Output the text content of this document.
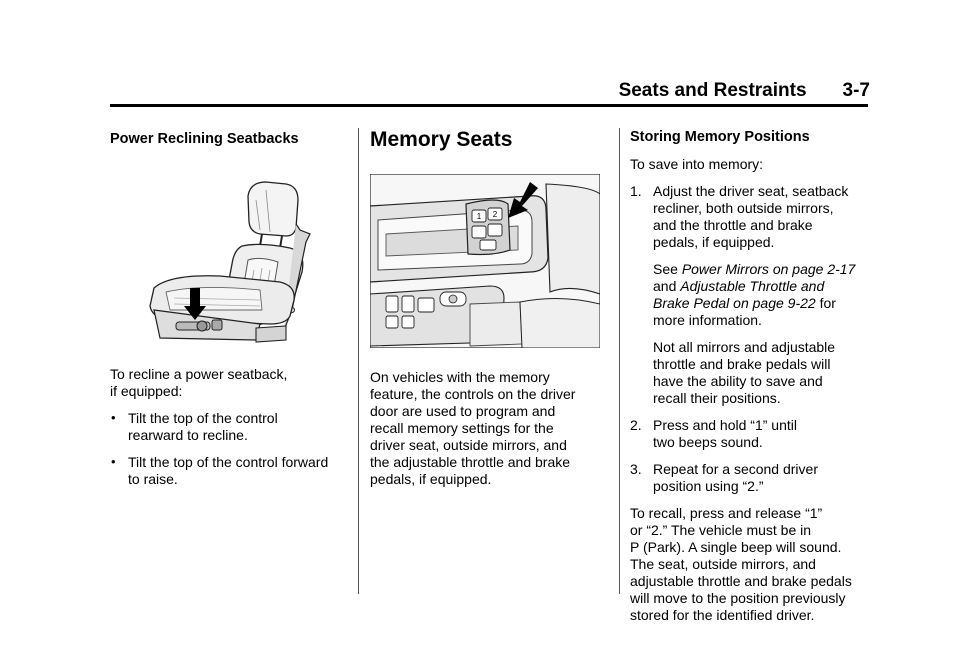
Seats and Restraints 3-7
Power Reclining Seatbacks

To recline a power seatback,

if equipped:

• Tilt the top of the control

rearward to recline.

• Tilt the top of the control forward

to raise.

Memory Seats
1 2

On vehicles with the memory

feature, the controls on the driver

door are used to program and

recall memory settings for the

driver seat, outside mirrors, and

the adjustable throttle and brake

pedals, if equipped.

Storing Memory Positions

To save into memory:

1. Adjust the driver seat, seatback

recliner, both outside mirrors,

and the throttle and brake

pedals, if equipped.

See Power Mirrors on page 2-17

and Adjustable Throttle and

Brake Pedal on page 9-22 for

more information.

Not all mirrors and adjustable

throttle and brake pedals will

have the ability to save and

recall their positions.

2. Press and hold “1” until

two beeps sound.

3. Repeat for a second driver

position using “2.”

To recall, press and release “1”

or “2.” The vehicle must be in

P (Park). A single beep will sound.

The seat, outside mirrors, and

adjustable throttle and brake pedals

will move to the position previously

stored for the identified driver.
